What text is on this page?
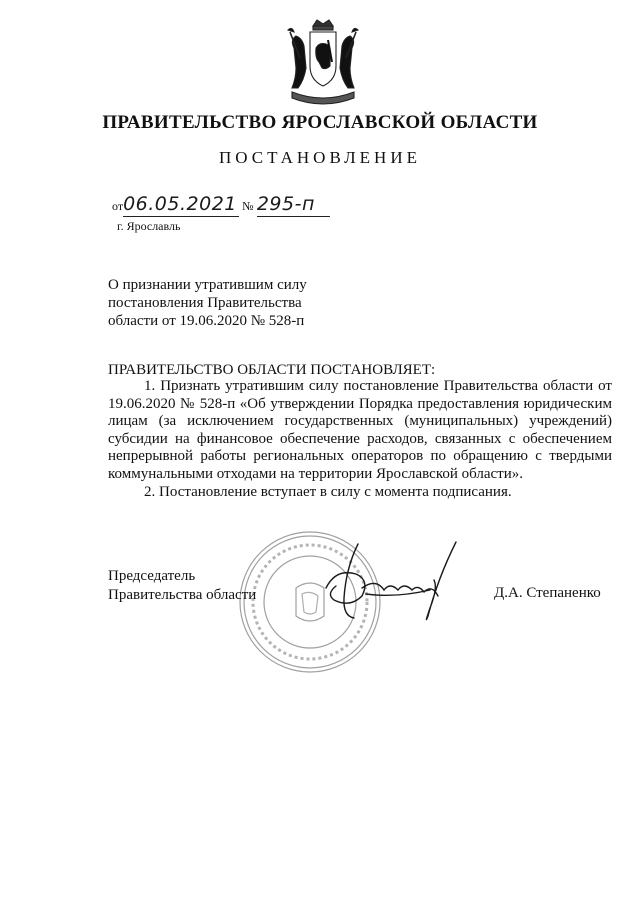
ПРАВИТЕЛЬСТВО ЯРОСЛАВСКОЙ ОБЛАСТИ
ПОСТАНОВЛЕНИЕ
от06.05.2021 № 295-п
г. Ярославль
О признании утратившим силу
постановления Правительства
области от 19.06.2020 № 528-п
ПРАВИТЕЛЬСТВО ОБЛАСТИ ПОСТАНОВЛЯЕТ:

1. Признать утратившим силу постановление Правительства области от 19.06.2020 № 528-п «Об утверждении Порядка предоставления юридическим лицам (за исключением государственных (муниципальных) учреждений) субсидии на финансовое обеспечение расходов, связанных с обеспечением непрерывной работы региональных операторов по обращению с твердыми коммунальными отходами на территории Ярославской области».

2. Постановление вступает в силу с момента подписания.

Председатель
Правительства области	Д.А. Степаненко
